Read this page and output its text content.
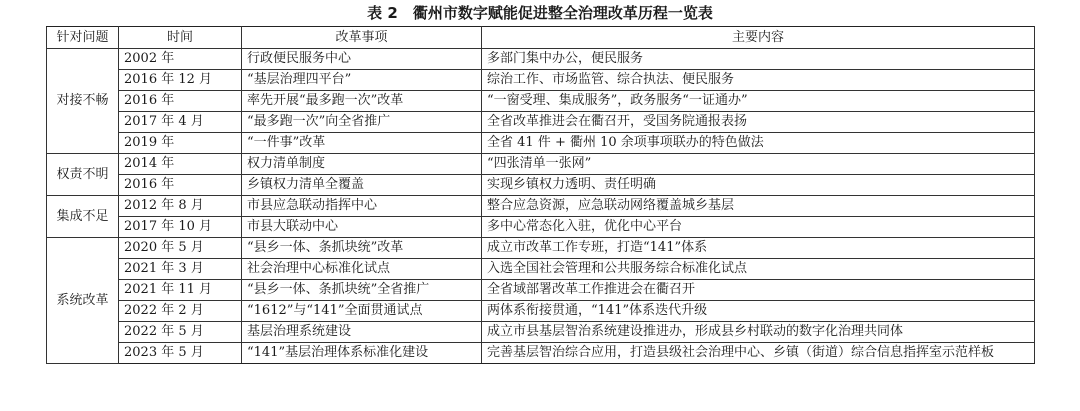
表 2　衢州市数字赋能促进整全治理改革历程一览表
针对问题	时间	改革事项	主要内容
对接不畅	2002 年	行政便民服务中心	多部门集中办公，便民服务
	2016 年 12 月	“基层治理四平台”	综治工作、市场监管、综合执法、便民服务
	2016 年	率先开展“最多跑一次”改革	“一窗受理、集成服务”，政务服务“一证通办”
	2017 年 4 月	“最多跑一次”向全省推广	全省改革推进会在衢召开，受国务院通报表扬
	2019 年	“一件事”改革	全省 41 件 + 衢州 10 余项事项联办的特色做法
权责不明	2014 年	权力清单制度	“四张清单一张网”
	2016 年	乡镇权力清单全覆盖	实现乡镇权力透明、责任明确
集成不足	2012 年 8 月	市县应急联动指挥中心	整合应急资源，应急联动网络覆盖城乡基层
	2017 年 10 月	市县大联动中心	多中心常态化入驻，优化中心平台
系统改革	2020 年 5 月	“县乡一体、条抓块统”改革	成立市改革工作专班，打造“141”体系
	2021 年 3 月	社会治理中心标准化试点	入选全国社会管理和公共服务综合标准化试点
	2021 年 11 月	“县乡一体、条抓块统”全省推广	全省域部署改革工作推进会在衢召开
	2022 年 2 月	“1612”与“141”全面贯通试点	两体系衔接贯通，“141”体系迭代升级
	2022 年 5 月	基层治理系统建设	成立市县基层智治系统建设推进办，形成县乡村联动的数字化治理共同体
	2023 年 5 月	“141”基层治理体系标准化建设	完善基层智治综合应用，打造县级社会治理中心、乡镇（街道）综合信息指挥室示范样板
